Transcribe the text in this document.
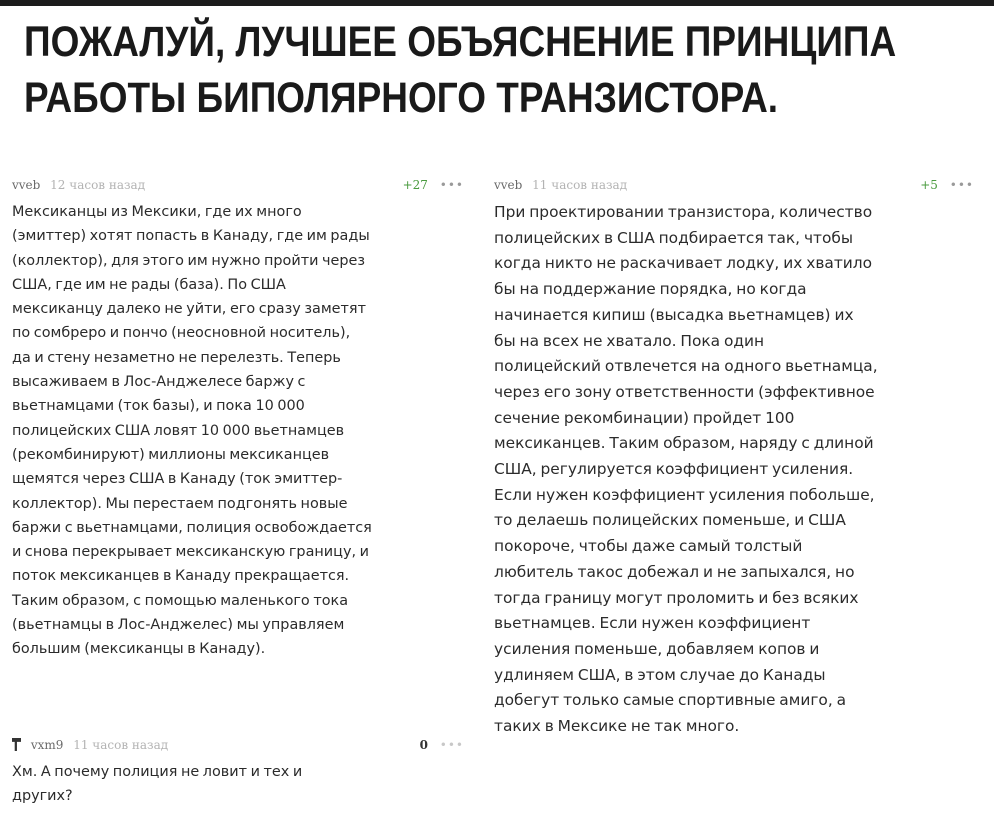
ПОЖАЛУЙ, ЛУЧШЕЕ ОБЪЯСНЕНИЕ ПРИНЦИПА
РАБОТЫ БИПОЛЯРНОГО ТРАНЗИСТОРА.
vveb 12 часов назад	+27 •••
Мексиканцы из Мексики, где их много
(эмиттер) хотят попасть в Канаду, где им рады
(коллектор), для этого им нужно пройти через
США, где им не рады (база). По США
мексиканцу далеко не уйти, его сразу заметят
по сомбреро и пончо (неосновной носитель),
да и стену незаметно не перелезть. Теперь
высаживаем в Лос-Анджелесе баржу с
вьетнамцами (ток базы), и пока 10 000
полицейских США ловят 10 000 вьетнамцев
(рекомбинируют) миллионы мексиканцев
щемятся через США в Канаду (ток эмиттер-
коллектор). Мы перестаем подгонять новые
баржи с вьетнамцами, полиция освобождается
и снова перекрывает мексиканскую границу, и
поток мексиканцев в Канаду прекращается.
Таким образом, с помощью маленького тока
(вьетнамцы в Лос-Анджелес) мы управляем
большим (мексиканцы в Канаду).
vxm9 11 часов назад	0 •••
Хм. А почему полиция не ловит и тех и
других?
vveb 11 часов назад	+5 •••
При проектировании транзистора, количество
полицейских в США подбирается так, чтобы
когда никто не раскачивает лодку, их хватило
бы на поддержание порядка, но когда
начинается кипиш (высадка вьетнамцев) их
бы на всех не хватало. Пока один
полицейский отвлечется на одного вьетнамца,
через его зону ответственности (эффективное
сечение рекомбинации) пройдет 100
мексиканцев. Таким образом, наряду с длиной
США, регулируется коэффициент усиления.
Если нужен коэффициент усиления побольше,
то делаешь полицейских поменьше, и США
покороче, чтобы даже самый толстый
любитель такос добежал и не запыхался, но
тогда границу могут проломить и без всяких
вьетнамцев. Если нужен коэффициент
усиления поменьше, добавляем копов и
удлиняем США, в этом случае до Канады
добегут только самые спортивные амиго, а
таких в Мексике не так много.
